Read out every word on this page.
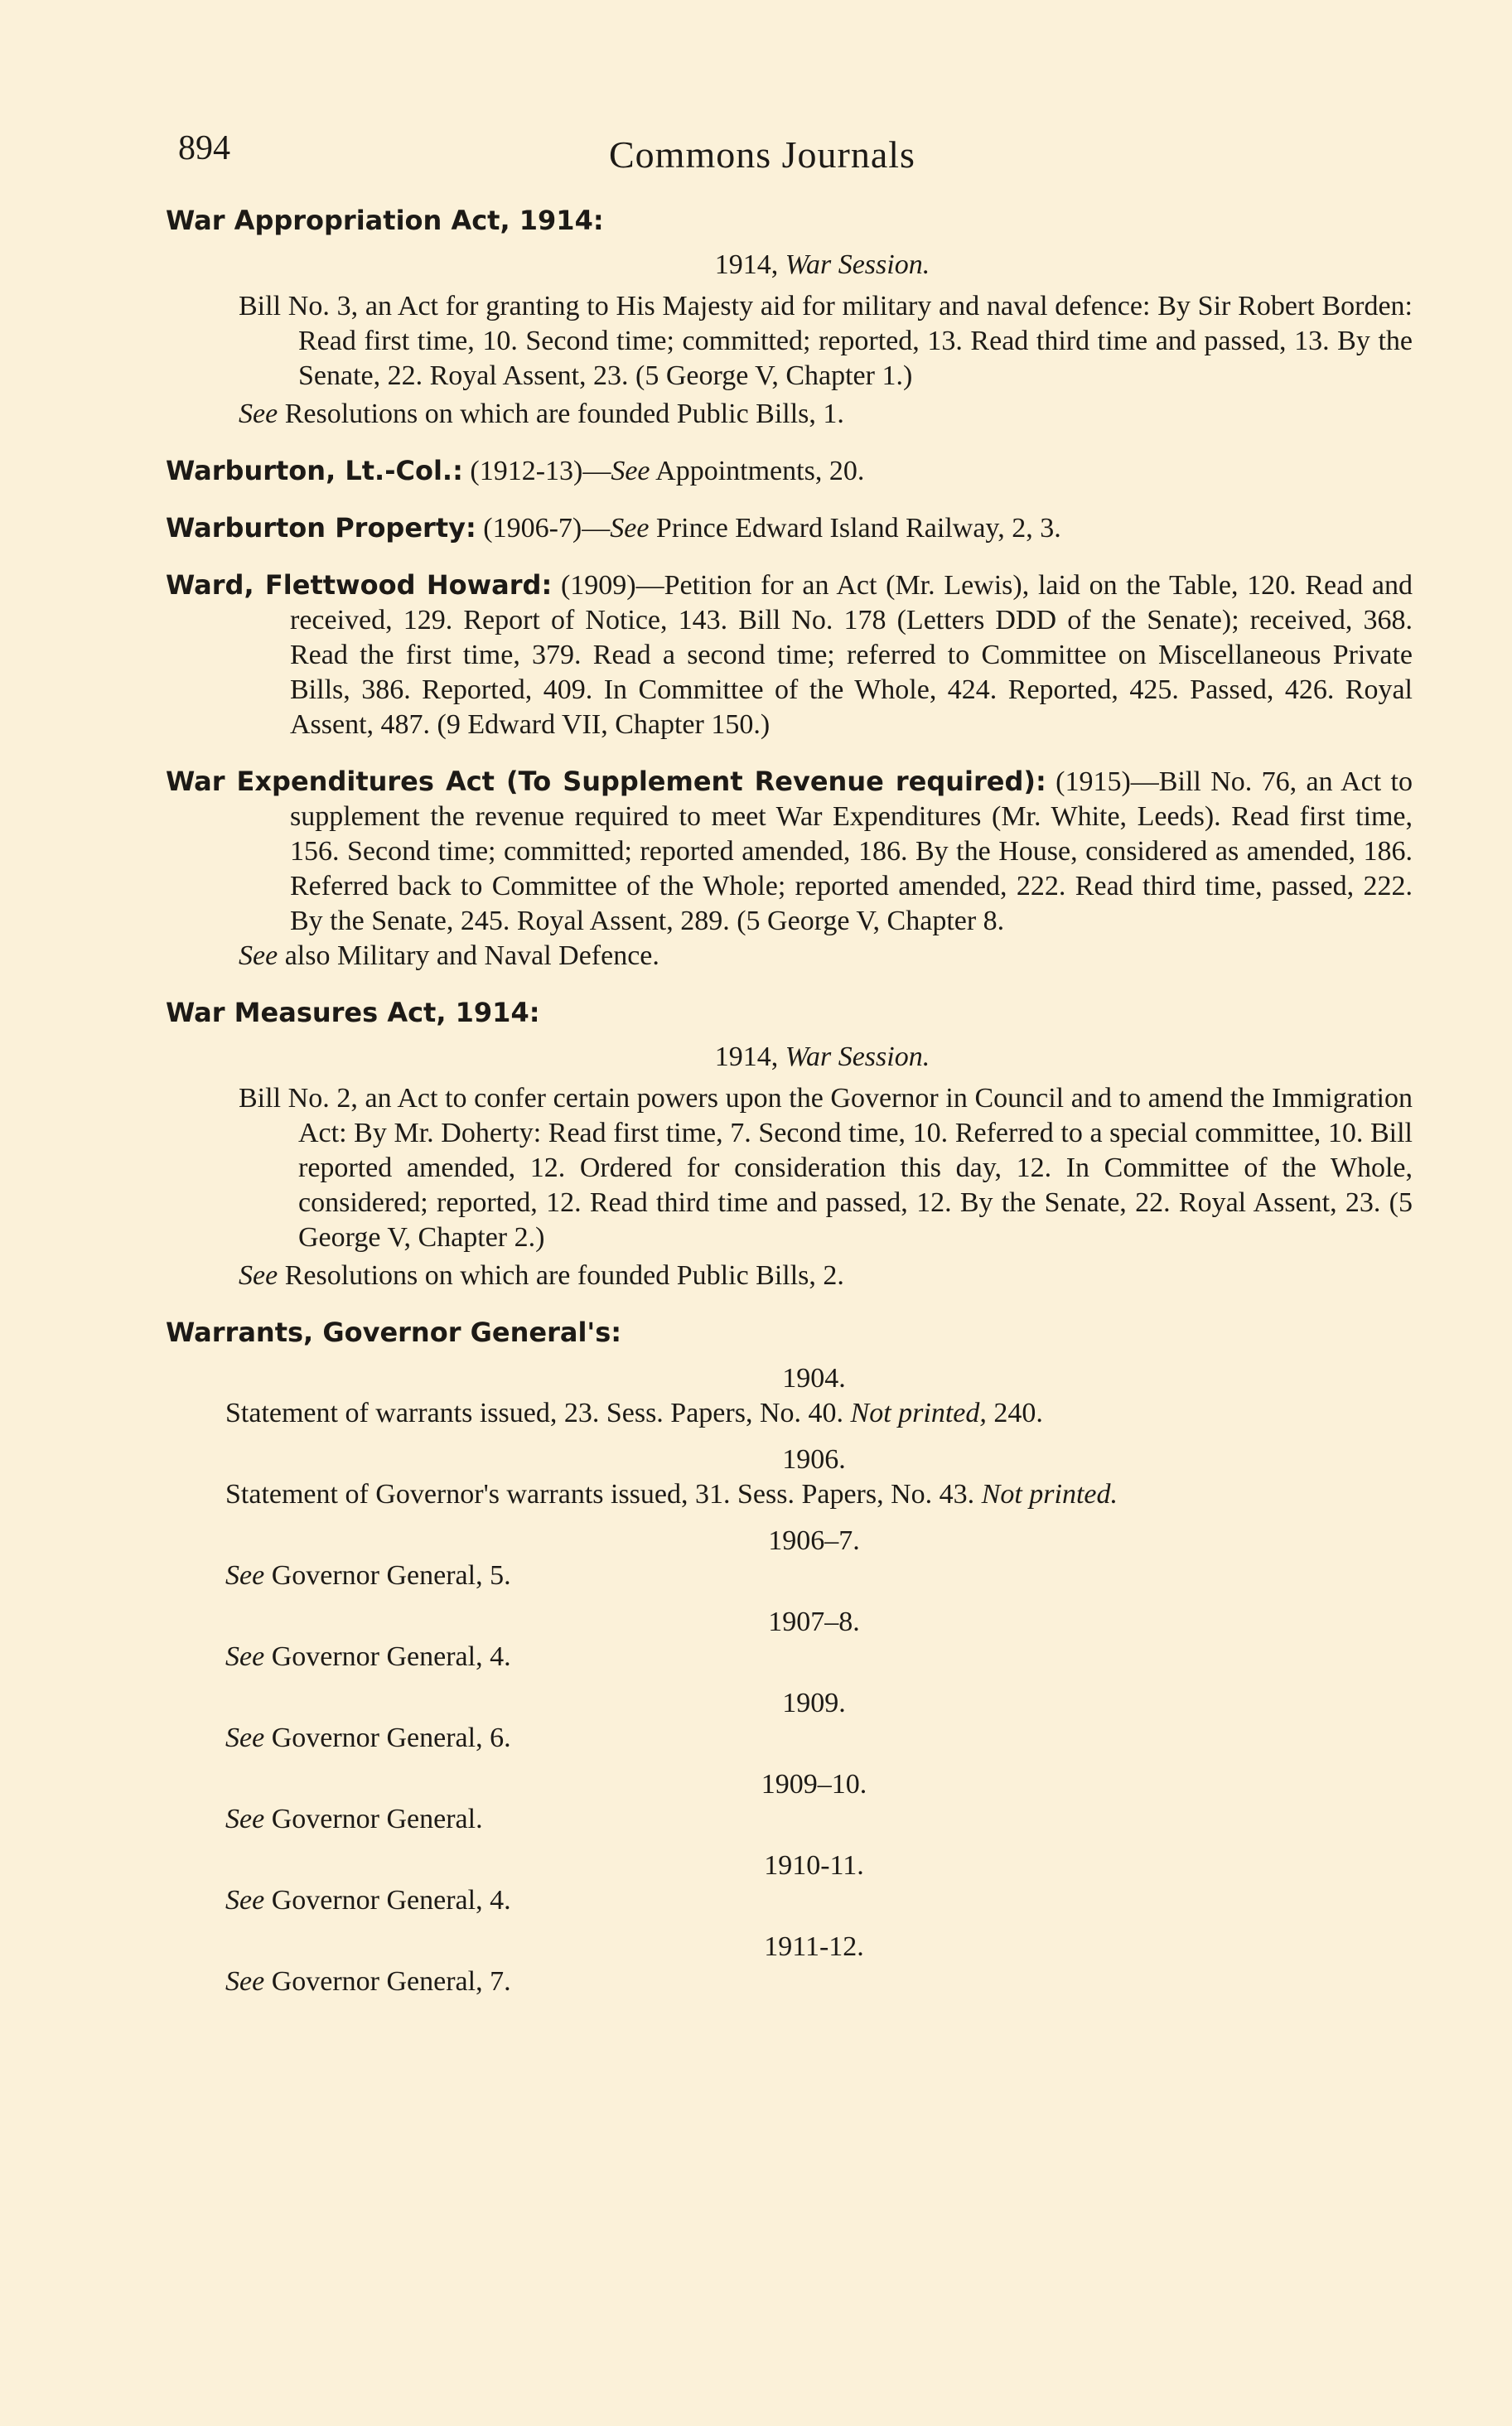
894	Commons Journals
War Appropriation Act, 1914:
1914, War Session.
Bill No. 3, an Act for granting to His Majesty aid for military and naval defence: By Sir Robert Borden: Read first time, 10. Second time; committed; reported, 13. Read third time and passed, 13. By the Senate, 22. Royal Assent, 23. (5 George V, Chapter 1.)
See Resolutions on which are founded Public Bills, 1.
Warburton, Lt.-Col.: (1912-13)—See Appointments, 20.
Warburton Property: (1906-7)—See Prince Edward Island Railway, 2, 3.
Ward, Flettwood Howard: (1909)—Petition for an Act (Mr. Lewis), laid on the Table, 120. Read and received, 129. Report of Notice, 143. Bill No. 178 (Letters DDD of the Senate); received, 368. Read the first time, 379. Read a second time; referred to Committee on Miscellaneous Private Bills, 386. Reported, 409. In Committee of the Whole, 424. Reported, 425. Passed, 426. Royal Assent, 487. (9 Edward VII, Chapter 150.)
War Expenditures Act (To Supplement Revenue required): (1915)—Bill No. 76, an Act to supplement the revenue required to meet War Expenditures (Mr. White, Leeds). Read first time, 156. Second time; committed; reported amended, 186. By the House, considered as amended, 186. Referred back to Committee of the Whole; reported amended, 222. Read third time, passed, 222. By the Senate, 245. Royal Assent, 289. (5 George V, Chapter 8.
See also Military and Naval Defence.
War Measures Act, 1914:
1914, War Session.
Bill No. 2, an Act to confer certain powers upon the Governor in Council and to amend the Immigration Act: By Mr. Doherty: Read first time, 7. Second time, 10. Referred to a special committee, 10. Bill reported amended, 12. Ordered for consideration this day, 12. In Committee of the Whole, considered; reported, 12. Read third time and passed, 12. By the Senate, 22. Royal Assent, 23. (5 George V, Chapter 2.)
See Resolutions on which are founded Public Bills, 2.
Warrants, Governor General's:
1904.
Statement of warrants issued, 23. Sess. Papers, No. 40. Not printed, 240.
1906.
Statement of Governor's warrants issued, 31. Sess. Papers, No. 43. Not printed.
1906–7.
See Governor General, 5.
1907–8.
See Governor General, 4.
1909.
See Governor General, 6.
1909–10.
See Governor General.
1910-11.
See Governor General, 4.
1911-12.
See Governor General, 7.
